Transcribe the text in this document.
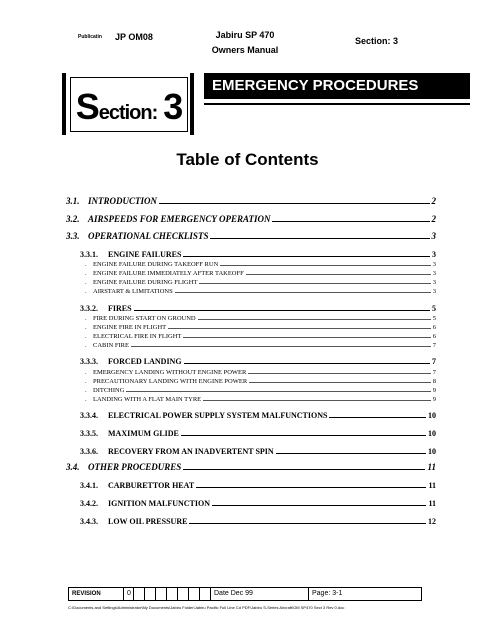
Publicatin JP OM08	Jabiru SP 470
Owners Manual
Section: 3
Section: 3
EMERGENCY PROCEDURES
Table of Contents
3.1. INTRODUCTION	2
3.2. AIRSPEEDS FOR EMERGENCY OPERATION	2
3.3. OPERATIONAL CHECKLISTS	3
3.3.1.	ENGINE FAILURES	3
. ENGINE FAILURE DURING TAKEOFF RUN	3
. ENGINE FAILURE IMMEDIATELY AFTER TAKEOFF	3
. ENGINE FAILURE DURING FLIGHT	3
. AIRSTART & LIMITATIONS	3
3.3.2.	FIRES	5
. FIRE DURING START ON GROUND	5
. ENGINE FIRE IN FLIGHT	6
. ELECTRICAL FIRE IN FLIGHT	6
. CABIN FIRE	7
3.3.3.	FORCED LANDING	7
. EMERGENCY LANDING WITHOUT ENGINE POWER	7
. PRECAUTIONARY LANDING WITH ENGINE POWER	8
. DITCHING	9
. LANDING WITH A FLAT MAIN TYRE	9
3.3.4.	ELECTRICAL POWER SUPPLY SYSTEM MALFUNCTIONS	10
3.3.5.	MAXIMUM GLIDE	10
3.3.6.	RECOVERY FROM AN INADVERTENT SPIN	10
3.4. OTHER PROCEDURES	11
3.4.1.	CARBURETTOR HEAT	11
3.4.2.	IGNITION MALFUNCTION	11
3.4.3.	LOW OIL PRESSURE	12
REVISION	0	Date Dec 99	Page: 3-1
C:\Documents and Settings\Administrator\My Documents\Jabiru Folder\Jabiru Pacific Full Line Cd PDF\Jabiru S-Series Aircraft\OM SP470 Sect 3 Rev 0.doc
